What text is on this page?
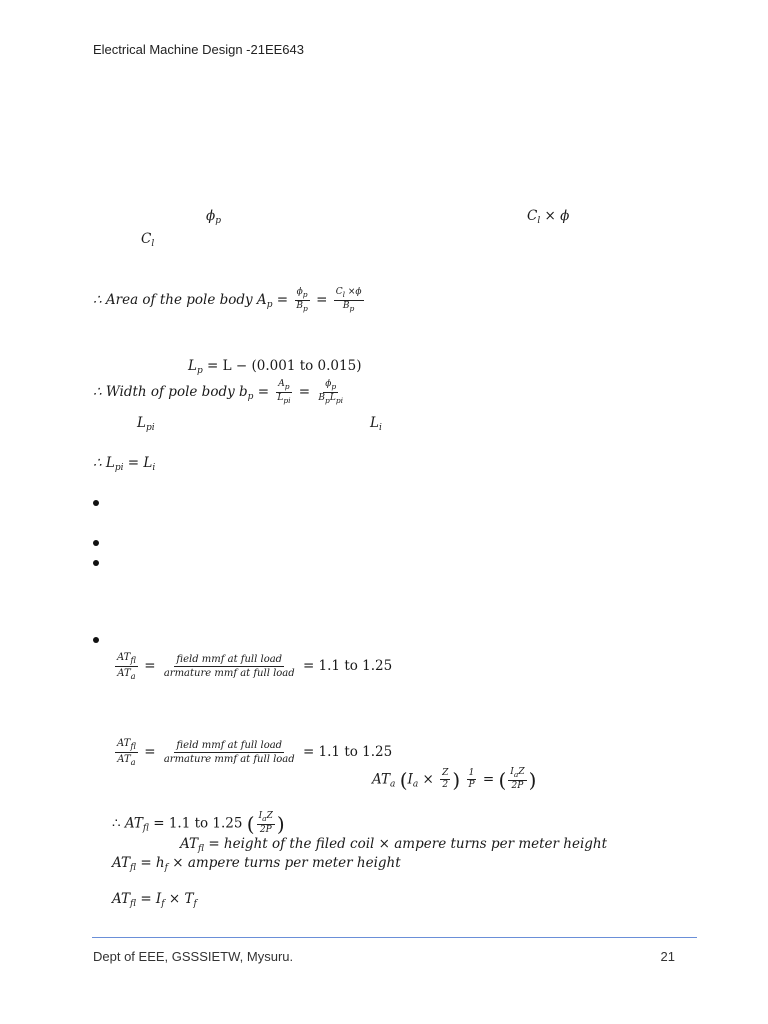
Electrical Machine Design -21EE643
$\phi_p$	$C_l \times \phi$
$C_l$
∴ Area of the pole body $A_p = \frac{\phi_p}{B_p} = \frac{C_l \times\phi}{B_p}$
$L_p = L - (0.001$ to 0.015)
∴ Width of pole body $b_p = \frac{A_p}{L_{pi}} = \frac{\phi_p}{B_pL_{pi}}$
$L_{pi}$	$L_i$
∴ $L_{pi} = L_i$
$\frac{AT_{fl}}{AT_a} = \frac{\text{field mmf at full load}}{\text{armature mmf at full load}} = 1.1$ to 1.25
$\frac{AT_{fl}}{AT_a} = \frac{\text{field mmf at full load}}{\text{armature mmf at full load}} = 1.1$ to 1.25
$AT_a$ ($I_a \times \frac{Z}{2}$ ) $\frac{1}{P}$ = ( $\frac{I_aZ}{2P}$ )
∴ $AT_{fl} = 1.1$ to 1.25 ( $\frac{I_aZ}{2P}$ )
$AT_{fl}$ = height of the filed coil × ampere turns per meter height
$AT_{fl} = h_f$ × ampere turns per meter height
$AT_{fl} = I_f \times T_f$
Dept of EEE, GSSSIETW, Mysuru.	21
